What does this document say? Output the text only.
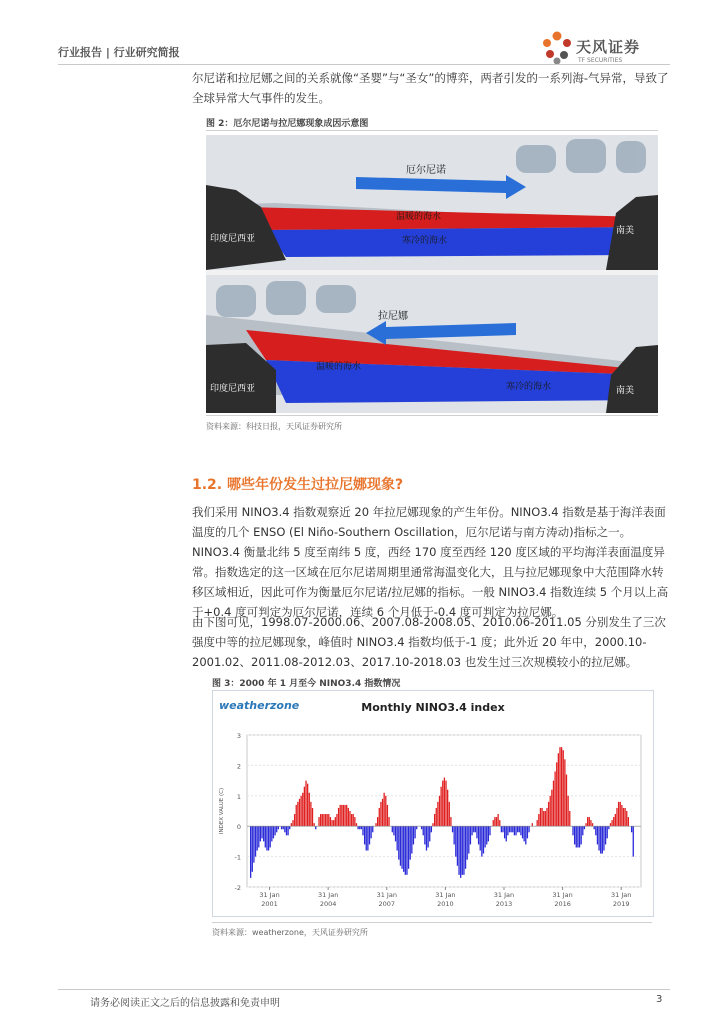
行业报告 | 行业研究简报	天风证券
TF SECURITIES

尔尼诺和拉尼娜之间的关系就像“圣婴”与“圣女”的博弈，两者引发的一系列海-气异常，导致了全球异常大气事件的发生。

图 2：厄尔尼诺与拉尼娜现象成因示意图
厄尔尼诺
温暖的海水
寒冷的海水
印度尼西亚
南美
拉尼娜
温暖的海水
寒冷的海水
印度尼西亚	南美
资料来源：科技日报，天风证券研究所
1.2. 哪些年份发生过拉尼娜现象?

我们采用 NINO3.4 指数观察近 20 年拉尼娜现象的产生年份。NINO3.4 指数是基于海洋表面温度的几个 ENSO (El Niño-Southern Oscillation，厄尔尼诺与南方涛动)指标之一。NINO3.4 衡量北纬 5 度至南纬 5 度，西经 170 度至西经 120 度区域的平均海洋表面温度异常。指数选定的这一区域在厄尔尼诺周期里通常海温变化大，且与拉尼娜现象中大范围降水转移区域相近，因此可作为衡量厄尔尼诺/拉尼娜的指标。一般 NINO3.4 指数连续 5 个月以上高于+0.4 度可判定为厄尔尼诺，连续 6 个月低于-0.4 度可判定为拉尼娜。

由下图可见，1998.07-2000.06、2007.08-2008.05、2010.06-2011.05 分别发生了三次强度中等的拉尼娜现象，峰值时 NINO3.4 指数均低于-1 度；此外近 20 年中，2000.10-2001.02、2011.08-2012.03、2017.10-2018.03 也发生过三次规模较小的拉尼娜。

图 3：2000 年 1 月至今 NINO3.4 指数情况
weatherzone	Monthly NINO3.4 index
3
2
1
0
-1
-2
INDEX VALUE (C)
31 Jan
2001
31 Jan
2004
31 Jan
2007
31 Jan
2010
31 Jan
2013
31 Jan
2016
31 Jan
2019
资料来源：weatherzone，天风证券研究所
请务必阅读正文之后的信息披露和免责申明	3
